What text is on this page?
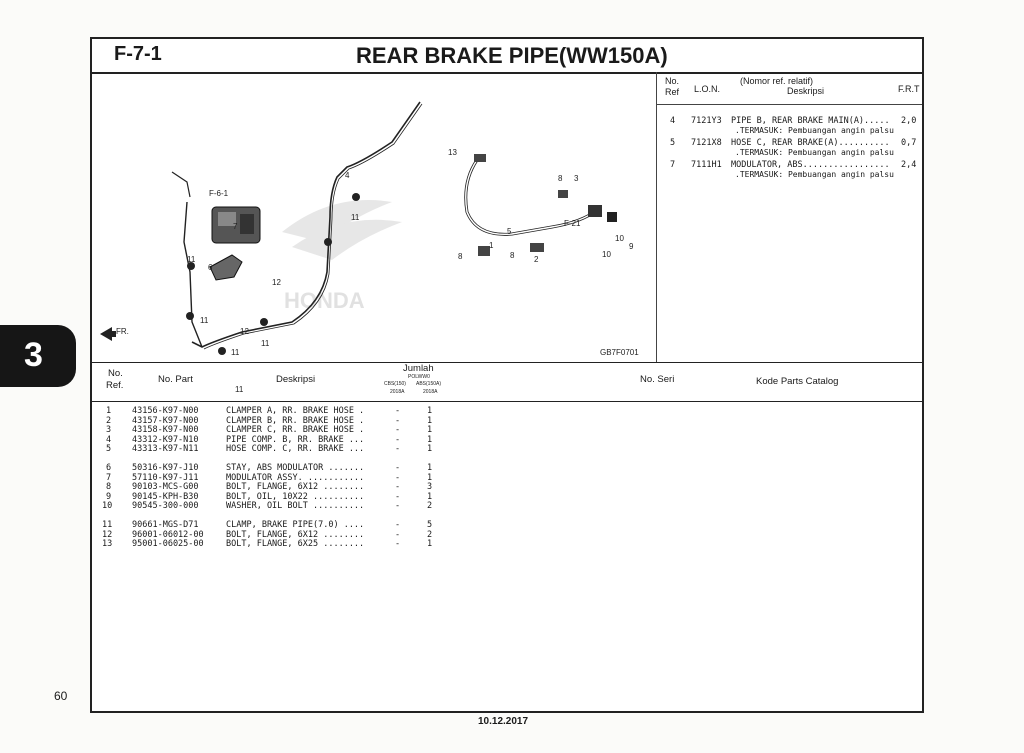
3
F-7-1	REAR BRAKE PIPE(WW150A)
HONDA
F-6-1
F-21
FR.
1
2
3
4
5
6
7
8	8
8
9
10
10
11
11
11
11
11
11
12
12
13
GB7F0701
No.
Ref L.O.N.
(Nomor ref. relatif)
Deskripsi	F.R.T
4 7121Y3 PIPE B, REAR BRAKE MAIN(A)..... 2,0
.TERMASUK: Pembuangan angin palsu
5 7121X8 HOSE C, REAR BRAKE(A).......... 0,7
.TERMASUK: Pembuangan angin palsu
7 7111H1 MODULATOR, ABS................. 2,4
.TERMASUK: Pembuangan angin palsu
No.
Ref.
No. Part	Deskripsi
Jumlah
POLWW0
CBS(150) ABS(150A)
2018A	2018A
No. Seri	Kode Parts Catalog
1 43156-K97-N00	CLAMPER A, RR. BRAKE HOSE .	-	1
2 43157-K97-N00	CLAMPER B, RR. BRAKE HOSE .	-	1
3 43158-K97-N00	CLAMPER C, RR. BRAKE HOSE .	-	1
4 43312-K97-N10	PIPE COMP. B, RR. BRAKE ...	-	1
5 43313-K97-N11	HOSE COMP. C, RR. BRAKE ...	-	1
6 50316-K97-J10	STAY, ABS MODULATOR .......	-	1
7 57110-K97-J11	MODULATOR ASSY. ...........	-	1
8 90103-MCS-G00	BOLT, FLANGE, 6X12 ........	-	3
9 90145-KPH-B30	BOLT, OIL, 10X22 ..........	-	1
10 90545-300-000	WASHER, OIL BOLT ..........	-	2
11 90661-MGS-D71	CLAMP, BRAKE PIPE(7.0) ....	-	5
12 96001-06012-00	BOLT, FLANGE, 6X12 ........	-	2
13 95001-06025-00	BOLT, FLANGE, 6X25 ........	-	1
60
10.12.2017
